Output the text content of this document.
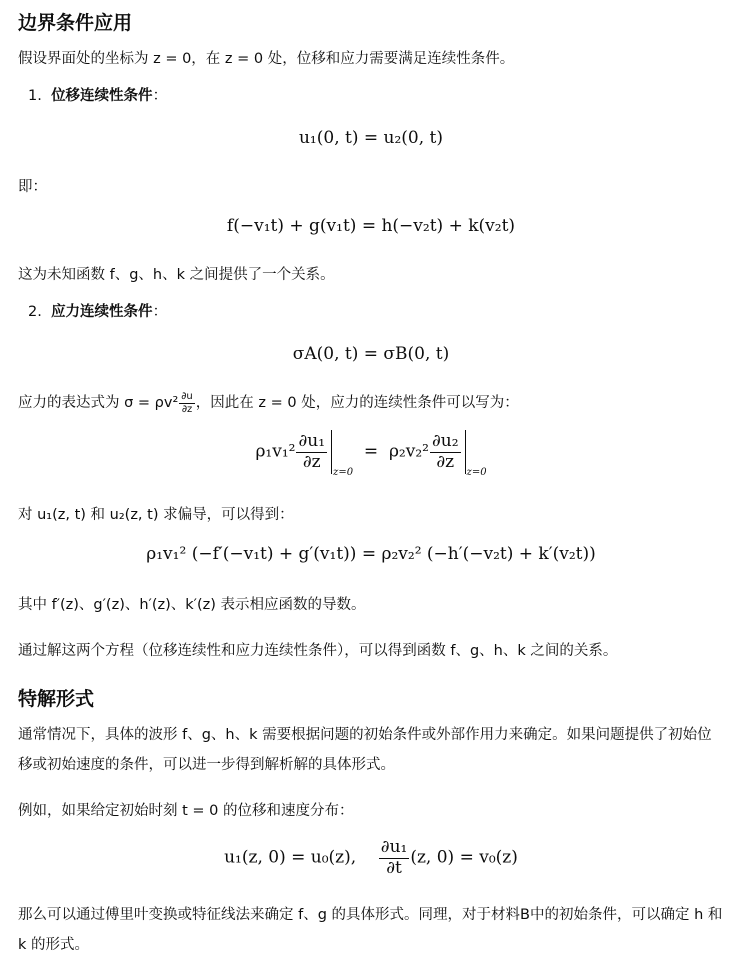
边界条件应用

假设界面处的坐标为 z = 0，在 z = 0 处，位移和应力需要满足连续性条件。

1. 位移连续性条件：

u₁(0, t) = u₂(0, t)

即：

f(−v₁t) + g(v₁t) = h(−v₂t) + k(v₂t)

这为未知函数 f、g、h、k 之间提供了一个关系。

2. 应力连续性条件：

σA(0, t) = σB(0, t)

应力的表达式为 $\sigma = \rho v^2 \frac{\partial u}{\partial z}$ ，因此在 z = 0 处，应力的连续性条件可以写为：

$\rho_1v_1^2 \frac{\text{∂u₁}}{\partial z} _{z=0} = \rho_2v_2^2 \frac{\text{∂u₂}}{\partial z} _{z=0}$

对 u₁(z, t) 和 u₂(z, t) 求偏导，可以得到：

ρ₁v₁² (−f′(−v₁t) + g′(v₁t)) = ρ₂v₂² (−h′(−v₂t) + k′(v₂t))

其中 f′(z)、g′(z)、h′(z)、k′(z) 表示相应函数的导数。

通过解这两个方程（位移连续性和应力连续性条件），可以得到函数 f、g、h、k 之间的关系。

特解形式

通常情况下，具体的波形 f、g、h、k 需要根据问题的初始条件或外部作用力来确定。如果问题提供了初始位移或初始速度的条件，可以进一步得到解析解的具体形式。

例如，如果给定初始时刻 t = 0 的位移和速度分布：

u₁(z, 0) = u₀(z), $\frac{\text{∂u₁}}{\partial t} (z$, 0) = v₀(z)

那么可以通过傅里叶变换或特征线法来确定 f、g 的具体形式。同理，对于材料B中的初始条件，可以确定 h 和 k 的形式。
